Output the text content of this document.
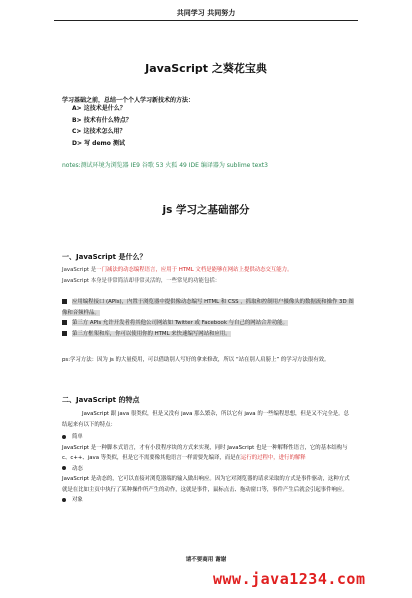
共同学习 共同努力
JavaScript 之葵花宝典
学习基础之前，总结一个个人学习新技术的方法：
A> 这技术是什么？
B> 技术有什么特点？
C> 这技术怎么用？
D> 写 demo 测试
notes:测试环境为浏览器 IE9 谷歌 53 火狐 49 IDE 编译器为 sublime text3
js 学习之基础部分
一、JavaScript 是什么？
JavaScript 是一门减法的动态编程语言，应用于 HTML 文档是能够在网站上提供动态交互能力。
JavaScript 本身是非常简洁却非常灵活的，一些常见的功能包括：
应用编程接口 (APIs)，内置于浏览器中提供像动态编写 HTML 和 CSS ，抓取和控制用户摄像头的数据流和操作 3D 图像和音频样品。
第三方 APIs 允许开发者将其他公司网站如 Twitter 或 Facebook 与自己的网站合并功能。
第三方框架和库，你可以使用你的 HTML 来快速编写网站和应用。
ps:学习方法：因为 js 的大量使用，可以借助别人写好的拿来修改，所以 “站在别人肩膀上” 的学习方法很有效。
二、JavaScript 的特点
JavaScript 跟 java 很类似，但是又没有 java 那么繁杂，所以它有 java 的一些编程思想，但是又不完全是。总结起来有以下的特点：
简单
JavaScript 是一种脚本式语言，才有小段程序块的方式来实现，同时 JavaScript 也是一种解释性语言，它的基本结构与 c、c++、java 等类似，但是它不需要像其他语言一样需要先编译，而是在运行的过程中，进行的解释
动态
JavaScript 是动态的，它可以直接对浏览器端的输入做出响应。因为它对浏览器的请求采取的方式是事件驱动，这种方式就是在比如主页中执行了某种操作所产生的动作，这就是事件，鼠标点击、拖动窗口等，事件产生后就会引起事件响应。
对象
请不要商用 谢谢
www.java1234.com
